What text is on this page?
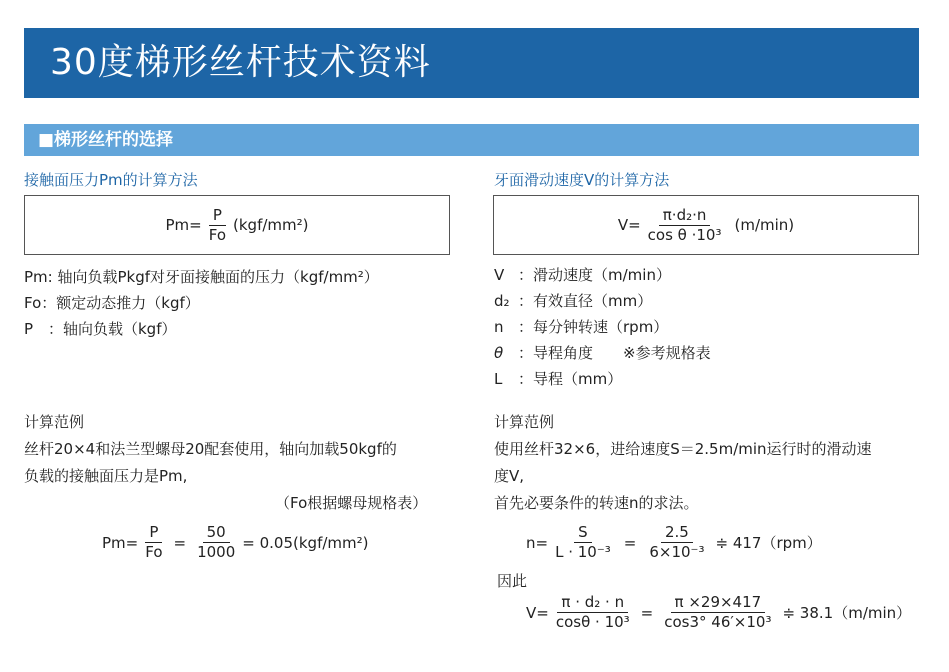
30度梯形丝杆技术资料
■梯形丝杆的选择
接触面压力Pm的计算方法
$Pm= \frac{P}{Fo} (kgf/mm^2)$
Pm : 轴向负载Pkgf对牙面接触面的压力（kgf/mm²）
Fo ：额定动态推力（kgf）
P ：轴向负载（kgf）

计算范例

丝杆20×4和法兰型螺母20配套使用，轴向加载50kgf的

负载的接触面压力是Pm,

（Fo根据螺母规格表）
$Pm= \frac{P}{Fo} = \frac{50}{1000} = 0.05(kgf/mm^2)$
牙面滑动速度V的计算方法
$V= \frac{\text{π·d₂·n}}{\text{cos θ ·10³}} (m/\min)$
V ：滑动速度（m/min）
d₂ ：有效直径（mm）
n ：每分钟转速（rpm）
θ ：导程角度　　※参考规格表
L	：导程（mm）

计算范例

使用丝杆32×6，进给速度S＝2.5m/min运行时的滑动速

度V,

首先必要条件的转速n的求法。

$n= \frac{S}{\text{L · 10⁻³}} = \frac{2.5}{\text{6×10⁻³}}$ ≑ 417（rpm）
因此
$V= \frac{\text{π · d₂ · n}}{\text{cosθ · 10³}} = \frac{\pi \times 29\times 417}{\text{cos3° 46′×10³}}$ ≑ 38.1（m/min）
